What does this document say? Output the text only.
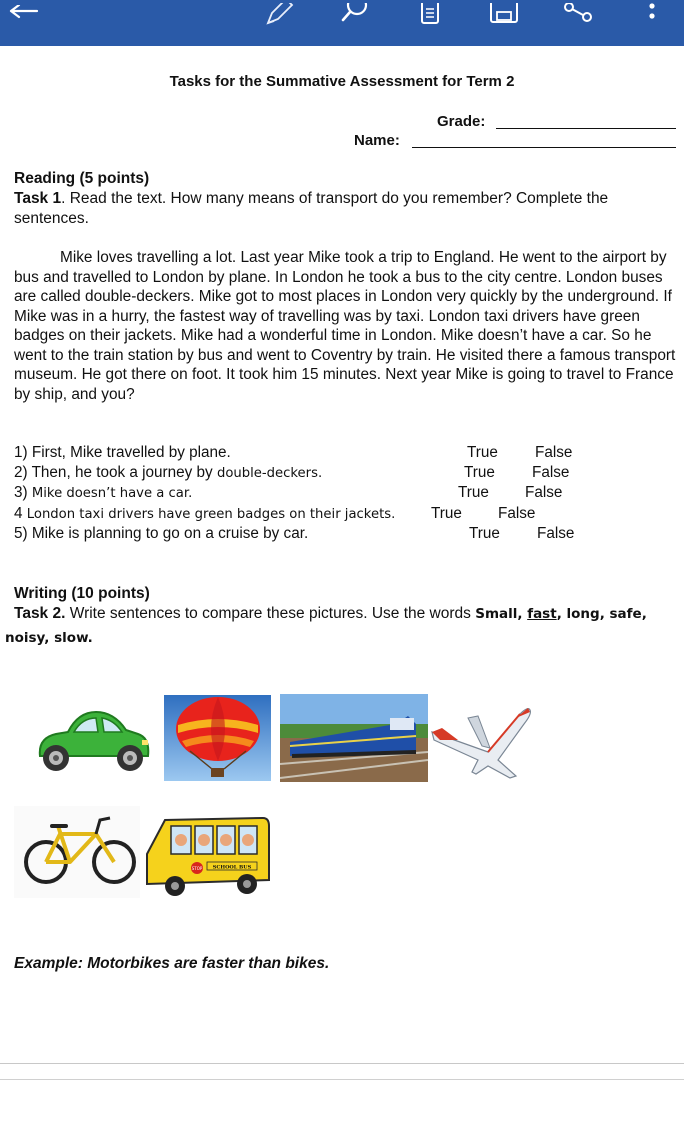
Tasks for the Summative Assessment for Term 2
Grade:
Name:
Reading (5 points)
Task 1. Read the text. How many means of transport do you remember? Complete the
sentences.
Mike loves travelling a lot. Last year Mike took a trip to England. He went to the airport by bus and travelled to London by plane. In London he took a bus to the city centre. London buses are called double-deckers. Mike got to most places in London very quickly by the underground. If Mike was in a hurry, the fastest way of travelling was by taxi. London taxi drivers have green badges on their jackets. Mike had a wonderful time in London. Mike doesn’t have a car. So he went to the train station by bus and went to Coventry by train. He visited there a famous transport museum. He got there on foot. It took him 15 minutes. Next year Mike is going to travel to France by ship, and you?
1) First, Mike travelled by plane.	True False
2) Then, he took a journey by double-deckers.	True False
3) Mike doesn’t have a car.	True False
4 London taxi drivers have green badges on their jackets. True False
5) Mike is planning to go on a cruise by car.	True False
Writing (10 points)
Task 2. Write sentences to compare these pictures. Use the words Small, fast, long, safe,
noisy, slow.
STOP SCHOOL BUS
Example: Motorbikes are faster than bikes.
